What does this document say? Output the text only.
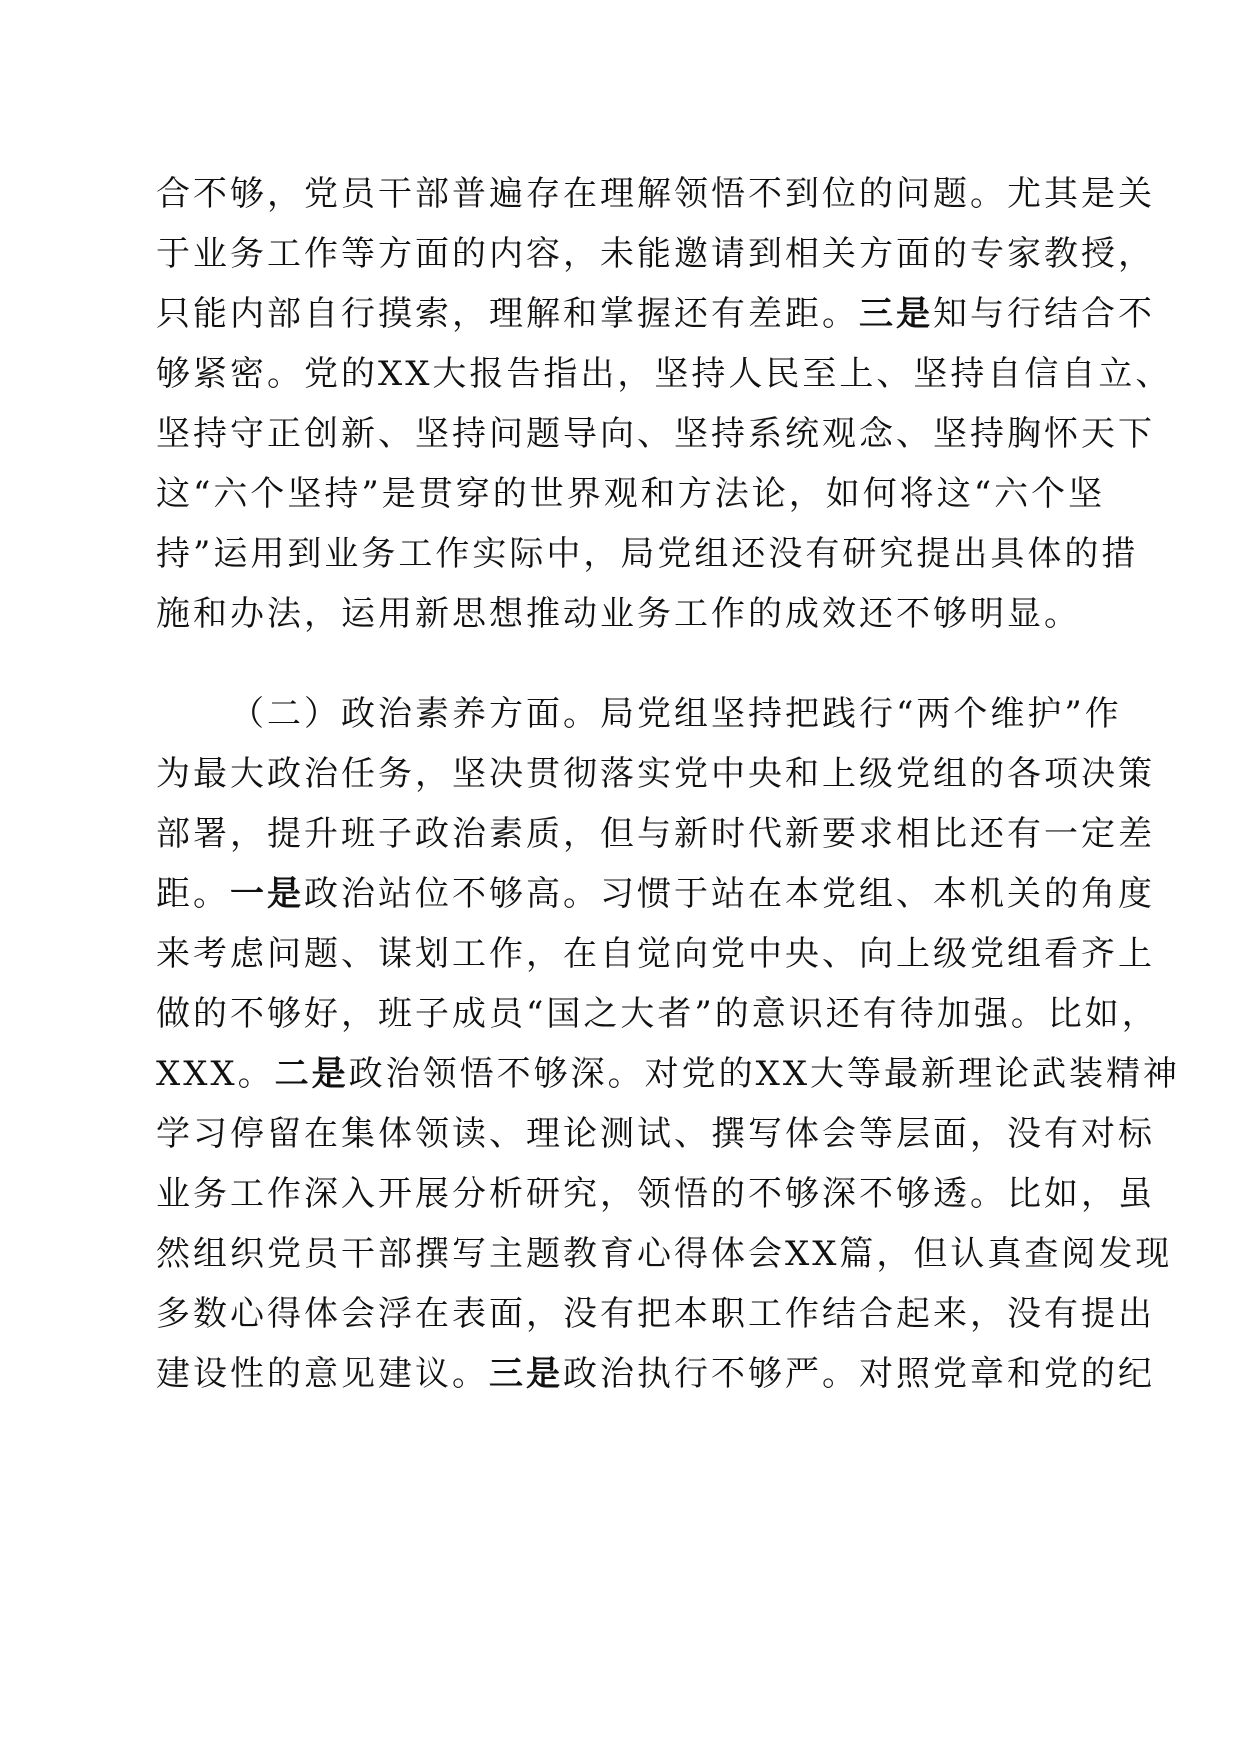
合不够，党员干部普遍存在理解领悟不到位的问题。尤其是关
于业务工作等方面的内容，未能邀请到相关方面的专家教授，
只能内部自行摸索，理解和掌握还有差距。三是知与行结合不
够紧密。党的XX大报告指出，坚持人民至上、坚持自信自立、
坚持守正创新、坚持问题导向、坚持系统观念、坚持胸怀天下
这“六个坚持”是贯穿的世界观和方法论，如何将这“六个坚
持”运用到业务工作实际中，局党组还没有研究提出具体的措
施和办法，运用新思想推动业务工作的成效还不够明显。
（二）政治素养方面。局党组坚持把践行“两个维护”作
为最大政治任务，坚决贯彻落实党中央和上级党组的各项决策
部署，提升班子政治素质，但与新时代新要求相比还有一定差
距。一是政治站位不够高。习惯于站在本党组、本机关的角度
来考虑问题、谋划工作，在自觉向党中央、向上级党组看齐上
做的不够好，班子成员“国之大者”的意识还有待加强。比如，
XXX。二是政治领悟不够深。对党的XX大等最新理论武装精神
学习停留在集体领读、理论测试、撰写体会等层面，没有对标
业务工作深入开展分析研究，领悟的不够深不够透。比如，虽
然组织党员干部撰写主题教育心得体会XX篇，但认真查阅发现
多数心得体会浮在表面，没有把本职工作结合起来，没有提出
建设性的意见建议。三是政治执行不够严。对照党章和党的纪
